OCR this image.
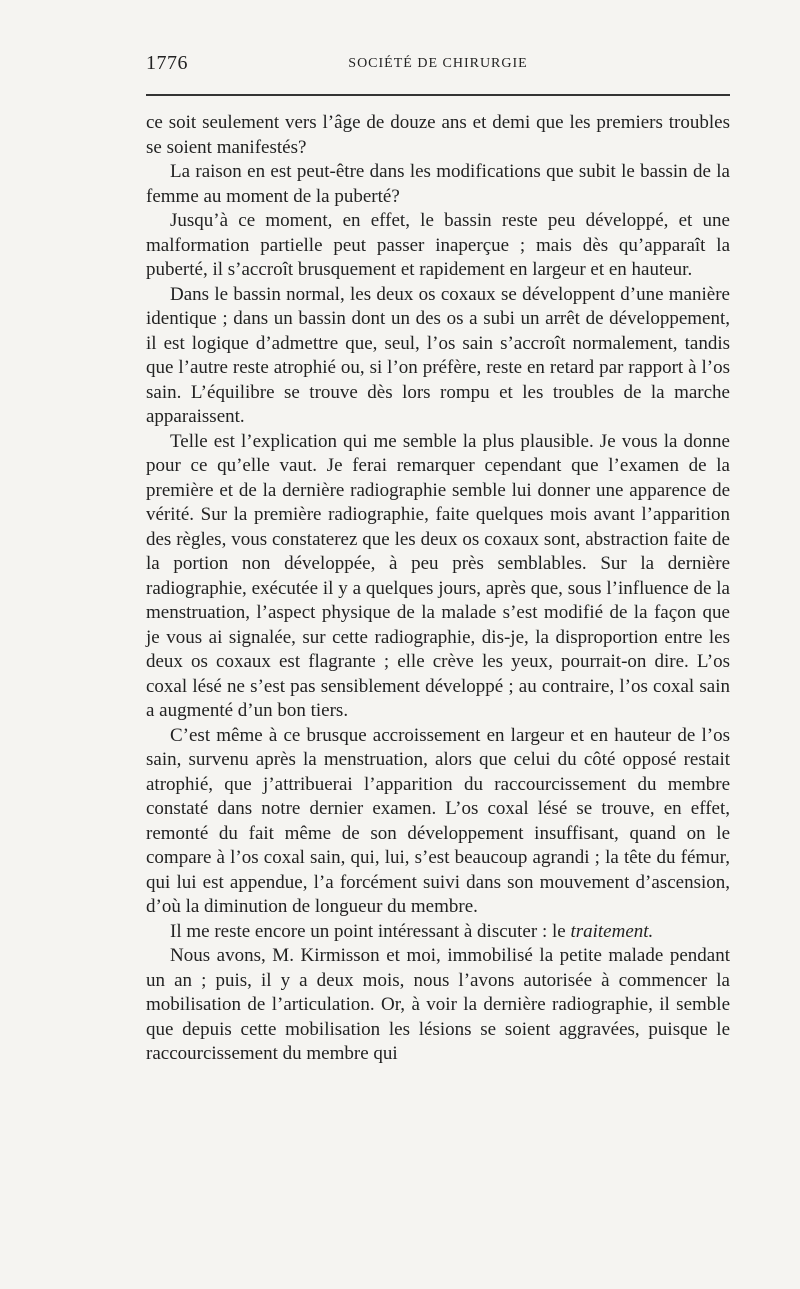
1776	SOCIÉTÉ DE CHIRURGIE

ce soit seulement vers l’âge de douze ans et demi que les premiers troubles se soient manifestés?

La raison en est peut-être dans les modifications que subit le bassin de la femme au moment de la puberté?

Jusqu’à ce moment, en effet, le bassin reste peu développé, et une malformation partielle peut passer inaperçue ; mais dès qu’apparaît la puberté, il s’accroît brusquement et rapidement en largeur et en hauteur.

Dans le bassin normal, les deux os coxaux se développent d’une manière identique ; dans un bassin dont un des os a subi un arrêt de développement, il est logique d’admettre que, seul, l’os sain s’accroît normalement, tandis que l’autre reste atrophié ou, si l’on préfère, reste en retard par rapport à l’os sain. L’équilibre se trouve dès lors rompu et les troubles de la marche apparaissent.

Telle est l’explication qui me semble la plus plausible. Je vous la donne pour ce qu’elle vaut. Je ferai remarquer cependant que l’examen de la première et de la dernière radiographie semble lui donner une apparence de vérité. Sur la première radiographie, faite quelques mois avant l’apparition des règles, vous constaterez que les deux os coxaux sont, abstraction faite de la portion non développée, à peu près semblables. Sur la dernière radiographie, exécutée il y a quelques jours, après que, sous l’influence de la menstruation, l’aspect physique de la malade s’est modifié de la façon que je vous ai signalée, sur cette radiographie, dis-je, la disproportion entre les deux os coxaux est flagrante ; elle crève les yeux, pourrait-on dire. L’os coxal lésé ne s’est pas sensiblement développé ; au contraire, l’os coxal sain a augmenté d’un bon tiers.

C’est même à ce brusque accroissement en largeur et en hauteur de l’os sain, survenu après la menstruation, alors que celui du côté opposé restait atrophié, que j’attribuerai l’apparition du raccourcissement du membre constaté dans notre dernier examen. L’os coxal lésé se trouve, en effet, remonté du fait même de son développement insuffisant, quand on le compare à l’os coxal sain, qui, lui, s’est beaucoup agrandi ; la tête du fémur, qui lui est appendue, l’a forcément suivi dans son mouvement d’ascension, d’où la diminution de longueur du membre.

Il me reste encore un point intéressant à discuter : le traitement.

Nous avons, M. Kirmisson et moi, immobilisé la petite malade pendant un an ; puis, il y a deux mois, nous l’avons autorisée à commencer la mobilisation de l’articulation. Or, à voir la dernière radiographie, il semble que depuis cette mobilisation les lésions se soient aggravées, puisque le raccourcissement du membre qui
